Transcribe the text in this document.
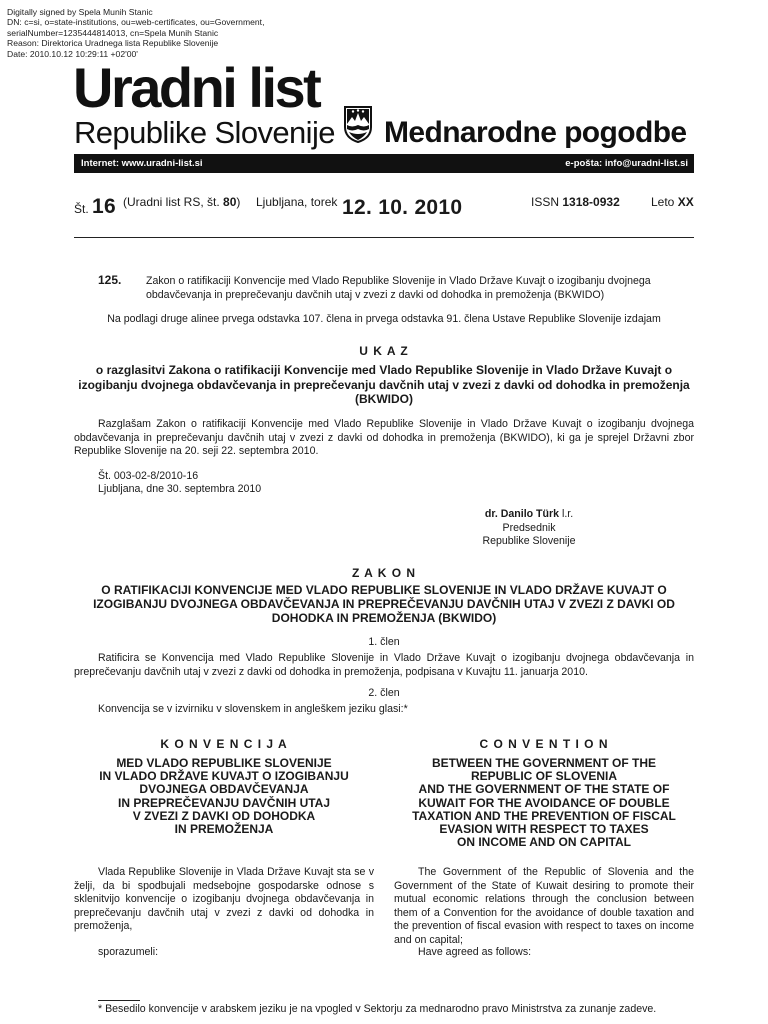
Digitally signed by Spela Munih Stanic
DN: c=si, o=state-institutions, ou=web-certificates, ou=Government,
serialNumber=1235444814013, cn=Spela Munih Stanic
Reason: Direktorica Uradnega lista Republike Slovenije
Date: 2010.10.12 10:29:11 +02'00'
Uradni list
Republike Slovenije Mednarodne pogodbe
Internet: www.uradni-list.si	e-pošta: info@uradni-list.si
Št. 16 (Uradni list RS, št. 80) Ljubljana, torek 12. 10. 2010	ISSN 1318-0932	Leto XX
125. Zakon o ratifikaciji Konvencije med Vlado Republike Slovenije in Vlado Države Kuvajt o izogibanju dvojnega
obdavčevanja in preprečevanju davčnih utaj v zvezi z davki od dohodka in premoženja (BKWIDO)
Na podlagi druge alinee prvega odstavka 107. člena in prvega odstavka 91. člena Ustave Republike Slovenije izdajam
U K A Z
o razglasitvi Zakona o ratifikaciji Konvencije med Vlado Republike Slovenije in Vlado Države Kuvajt o izogibanju dvojnega obdavčevanja in preprečevanju davčnih utaj v zvezi z davki od dohodka in premoženja (BKWIDO)
Razglašam Zakon o ratifikaciji Konvencije med Vlado Republike Slovenije in Vlado Države Kuvajt o izogibanju dvojnega obdavčevanja in preprečevanju davčnih utaj v zvezi z davki od dohodka in premoženja (BKWIDO), ki ga je sprejel Državni zbor Republike Slovenije na 20. seji 22. septembra 2010.
Št. 003-02-8/2010-16
Ljubljana, dne 30. septembra 2010
dr. Danilo Türk l.r.
Predsednik
Republike Slovenije
Z A K O N
O RATIFIKACIJI KONVENCIJE MED VLADO REPUBLIKE SLOVENIJE IN VLADO DRŽAVE KUVAJT O IZOGIBANJU DVOJNEGA OBDAVČEVANJA IN PREPREČEVANJU DAVČNIH UTAJ V ZVEZI Z DAVKI OD DOHODKA IN PREMOŽENJA (BKWIDO)
1. člen
Ratificira se Konvencija med Vlado Republike Slovenije in Vlado Države Kuvajt o izogibanju dvojnega obdavčevanja in preprečevanju davčnih utaj v zvezi z davki od dohodka in premoženja, podpisana v Kuvajtu 11. januarja 2010.
2. člen
Konvencija se v izvirniku v slovenskem in angleškem jeziku glasi:*
K O N V E N C I J A
MED VLADO REPUBLIKE SLOVENIJE
IN VLADO DRŽAVE KUVAJT O IZOGIBANJU
DVOJNEGA OBDAVČEVANJA
IN PREPREČEVANJU DAVČNIH UTAJ
V ZVEZI Z DAVKI OD DOHODKA
IN PREMOŽENJA
Vlada Republike Slovenije in Vlada Države Kuvajt sta se v želji, da bi spodbujali medsebojne gospodarske odnose s sklenitvijo konvencije o izogibanju dvojnega obdavčevanja in preprečevanju davčnih utaj v zvezi z davki od dohodka in premoženja,
sporazumeli:
C O N V E N T I O N
BETWEEN THE GOVERNMENT OF THE
REPUBLIC OF SLOVENIA
AND THE GOVERNMENT OF THE STATE OF
KUWAIT FOR THE AVOIDANCE OF DOUBLE
TAXATION AND THE PREVENTION OF FISCAL
EVASION WITH RESPECT TO TAXES
ON INCOME AND ON CAPITAL
The Government of the Republic of Slovenia and the Government of the State of Kuwait desiring to promote their mutual economic relations through the conclusion between them of a Convention for the avoidance of double taxation and the prevention of fiscal evasion with respect to taxes on income and on capital;
Have agreed as follows:
* Besedilo konvencije v arabskem jeziku je na vpogled v Sektorju za mednarodno pravo Ministrstva za zunanje zadeve.
